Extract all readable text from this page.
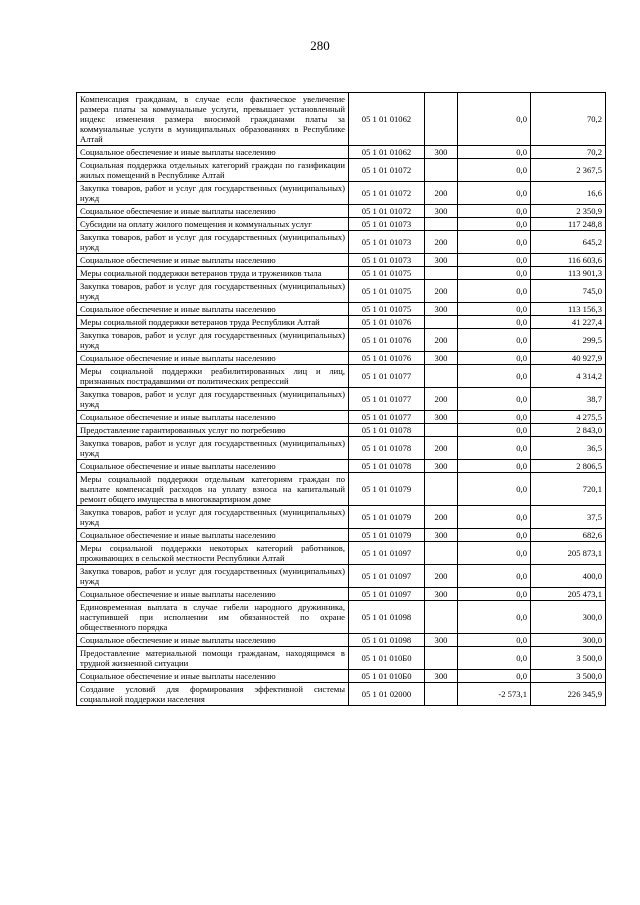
280
Компенсация гражданам, в случае если фактическое увеличение размера платы за коммунальные услуги, превышает установленный индекс изменения размера вносимой гражданами платы за коммунальные услуги в муниципальных образованиях в Республике Алтай	05 1 01 01062		0,0	70,2
Социальное обеспечение и иные выплаты населению	05 1 01 01062	300	0,0	70,2
Социальная поддержка отдельных категорий граждан по газификации жилых помещений в Республике Алтай	05 1 01 01072		0,0	2 367,5
Закупка товаров, работ и услуг для государственных (муниципальных) нужд	05 1 01 01072	200	0,0	16,6
Социальное обеспечение и иные выплаты населению	05 1 01 01072	300	0,0	2 350,9
Субсидии на оплату жилого помещения и коммунальных услуг	05 1 01 01073		0,0	117 248,8
Закупка товаров, работ и услуг для государственных (муниципальных) нужд	05 1 01 01073	200	0,0	645,2
Социальное обеспечение и иные выплаты населению	05 1 01 01073	300	0,0	116 603,6
Меры социальной поддержки ветеранов труда и тружеников тыла	05 1 01 01075		0,0	113 901,3
Закупка товаров, работ и услуг для государственных (муниципальных) нужд	05 1 01 01075	200	0,0	745,0
Социальное обеспечение и иные выплаты населению	05 1 01 01075	300	0,0	113 156,3
Меры социальной поддержки ветеранов труда Республики Алтай	05 1 01 01076		0,0	41 227,4
Закупка товаров, работ и услуг для государственных (муниципальных) нужд	05 1 01 01076	200	0,0	299,5
Социальное обеспечение и иные выплаты населению	05 1 01 01076	300	0,0	40 927,9
Меры социальной поддержки реабилитированных лиц и лиц, признанных пострадавшими от политических репрессий	05 1 01 01077		0,0	4 314,2
Закупка товаров, работ и услуг для государственных (муниципальных) нужд	05 1 01 01077	200	0,0	38,7
Социальное обеспечение и иные выплаты населению	05 1 01 01077	300	0,0	4 275,5
Предоставление гарантированных услуг по погребению	05 1 01 01078		0,0	2 843,0
Закупка товаров, работ и услуг для государственных (муниципальных) нужд	05 1 01 01078	200	0,0	36,5
Социальное обеспечение и иные выплаты населению	05 1 01 01078	300	0,0	2 806,5
Меры социальной поддержки отдельным категориям граждан по выплате компенсаций расходов на уплату взноса на капитальный ремонт общего имущества в многоквартирном доме	05 1 01 01079		0,0	720,1
Закупка товаров, работ и услуг для государственных (муниципальных) нужд	05 1 01 01079	200	0,0	37,5
Социальное обеспечение и иные выплаты населению	05 1 01 01079	300	0,0	682,6
Меры социальной поддержки некоторых категорий работников, проживающих в сельской местности Республики Алтай	05 1 01 01097		0,0	205 873,1
Закупка товаров, работ и услуг для государственных (муниципальных) нужд	05 1 01 01097	200	0,0	400,0
Социальное обеспечение и иные выплаты населению	05 1 01 01097	300	0,0	205 473,1
Единовременная выплата в случае гибели народного дружинника, наступившей при исполнении им обязанностей по охране общественного порядка	05 1 01 01098		0,0	300,0
Социальное обеспечение и иные выплаты населению	05 1 01 01098	300	0,0	300,0
Предоставление материальной помощи гражданам, находящимся в трудной жизненной ситуации	05 1 01 010Б0		0,0	3 500,0
Социальное обеспечение и иные выплаты населению	05 1 01 010Б0	300	0,0	3 500,0
Создание условий для формирования эффективной системы социальной поддержки населения	05 1 01 02000		-2 573,1	226 345,9
